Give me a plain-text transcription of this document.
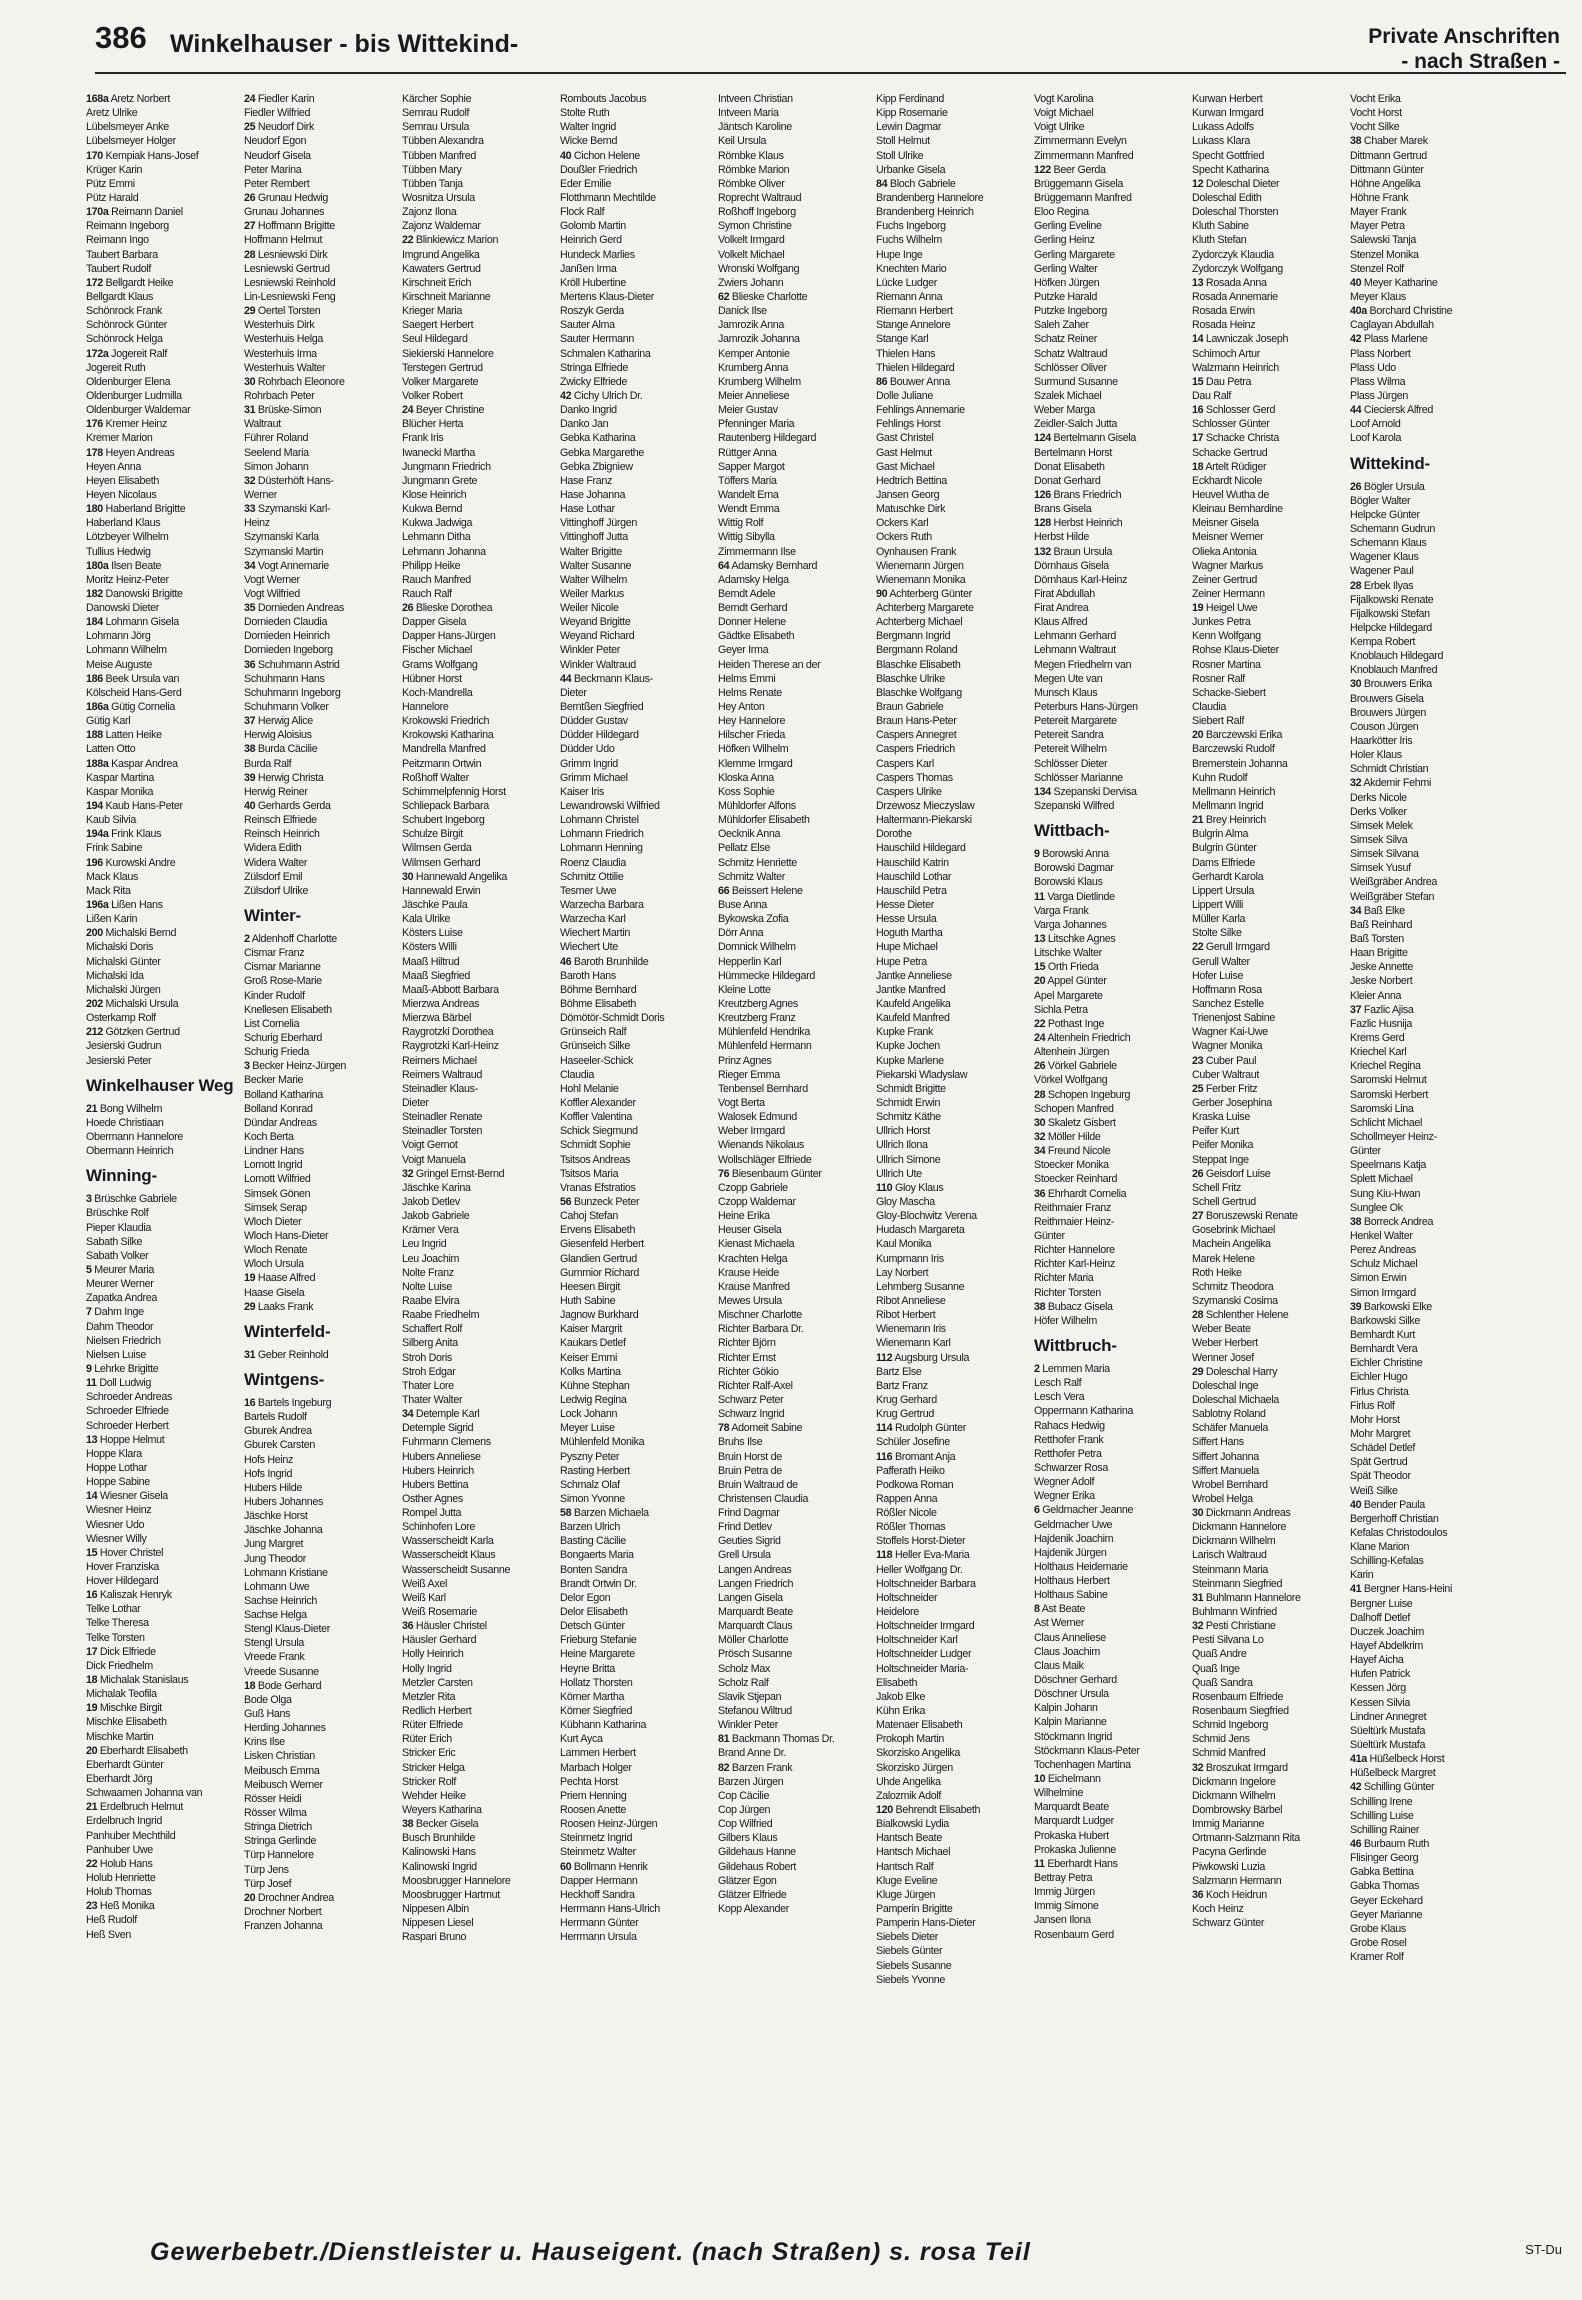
386 Winkelhauser - bis Wittekind-	Private Anschriften
- nach Straßen -
168a Aretz Norbert
Aretz Ulrike
Lübelsmeyer Anke
Lübelsmeyer Holger
170 Kempiak Hans-Josef
Krüger Karin
Pütz Emmi
Pütz Harald
170a Reimann Daniel
Reimann Ingeborg
Reimann Ingo
Taubert Barbara
Taubert Rudolf
172 Bellgardt Heike
Bellgardt Klaus
Schönrock Frank
Schönrock Günter
Schönrock Helga
172a Jogereit Ralf
Jogereit Ruth
Oldenburger Elena
Oldenburger Ludmilla
Oldenburger Waldemar
176 Kremer Heinz
Kremer Marion
178 Heyen Andreas
Heyen Anna
Heyen Elisabeth
Heyen Nicolaus
180 Haberland Brigitte
Haberland Klaus
Lötzbeyer Wilhelm
Tullius Hedwig
180a Ilsen Beate
Moritz Heinz-Peter
182 Danowski Brigitte
Danowski Dieter
184 Lohmann Gisela
Lohmann Jörg
Lohmann Wilhelm
Meise Auguste
186 Beek Ursula van
Kölscheid Hans-Gerd
186a Gütig Cornelia
Gütig Karl
188 Latten Heike
Latten Otto
188a Kaspar Andrea
Kaspar Martina
Kaspar Monika
194 Kaub Hans-Peter
Kaub Silvia
194a Frink Klaus
Frink Sabine
196 Kurowski Andre
Mack Klaus
Mack Rita
196a Lißen Hans
Lißen Karin
200 Michalski Bernd
Michalski Doris
Michalski Günter
Michalski Ida
Michalski Jürgen
202 Michalski Ursula
Osterkamp Rolf
212 Götzken Gertrud
Jesierski Gudrun
Jesierski Peter
Winkelhauser Weg
21 Bong Wilhelm
Hoede Christiaan
Obermann Hannelore
Obermann Heinrich
Winning-
3 Brüschke Gabriele
Brüschke Rolf
Pieper Klaudia
Sabath Silke
Sabath Volker
5 Meurer Maria
Meurer Werner
Zapatka Andrea
7 Dahm Inge
Dahm Theodor
Nielsen Friedrich
Nielsen Luise
9 Lehrke Brigitte
11 Doll Ludwig
Schroeder Andreas
Schroeder Elfriede
Schroeder Herbert
13 Hoppe Helmut
Hoppe Klara
Hoppe Lothar
Hoppe Sabine
14 Wiesner Gisela
Wiesner Heinz
Wiesner Udo
Wiesner Willy
15 Hover Christel
Hover Franziska
Hover Hildegard
16 Kaliszak Henryk
Telke Lothar
Telke Theresa
Telke Torsten
17 Dick Elfriede
Dick Friedhelm
18 Michalak Stanislaus
Michalak Teofila
19 Mischke Birgit
Mischke Elisabeth
Mischke Martin
20 Eberhardt Elisabeth
Eberhardt Günter
Eberhardt Jörg
Schwaamen Johanna van
21 Erdelbruch Helmut
Erdelbruch Ingrid
Panhuber Mechthild
Panhuber Uwe
22 Holub Hans
Holub Henriette
Holub Thomas
23 Heß Monika
Heß Rudolf
Heß Sven
24 Fiedler Karin
Fiedler Wilfried
25 Neudorf Dirk
Neudorf Egon
Neudorf Gisela
Peter Marina
Peter Rembert
26 Grunau Hedwig
Grunau Johannes
27 Hoffmann Brigitte
Hoffmann Helmut
28 Lesniewski Dirk
Lesniewski Gertrud
Lesniewski Reinhold
Lin-Lesniewski Feng
29 Oertel Torsten
Westerhuis Dirk
Westerhuis Helga
Westerhuis Irma
Westerhuis Walter
30 Rohrbach Eleonore
Rohrbach Peter
31 Brüske-Simon
Waltraut
Führer Roland
Seelend Maria
Simon Johann
32 Düsterhöft Hans-
Werner
33 Szymanski Karl-
Heinz
Szymanski Karla
Szymanski Martin
34 Vogt Annemarie
Vogt Werner
Vogt Wilfried
35 Dornieden Andreas
Dornieden Claudia
Dornieden Heinrich
Dornieden Ingeborg
36 Schuhmann Astrid
Schuhmann Hans
Schuhmann Ingeborg
Schuhmann Volker
37 Herwig Alice
Herwig Aloisius
38 Burda Cäcilie
Burda Ralf
39 Herwig Christa
Herwig Reiner
40 Gerhards Gerda
Reinsch Elfriede
Reinsch Heinrich
Widera Edith
Widera Walter
Zülsdorf Emil
Zülsdorf Ulrike
Winter-
2 Aldenhoff Charlotte
Cismar Franz
Cismar Marianne
Groß Rose-Marie
Kinder Rudolf
Knellesen Elisabeth
List Cornelia
Schurig Eberhard
Schurig Frieda
3 Becker Heinz-Jürgen
Becker Marie
Bolland Katharina
Bolland Konrad
Dündar Andreas
Koch Berta
Lindner Hans
Lomott Ingrid
Lomott Wilfried
Simsek Gönen
Simsek Serap
Wloch Dieter
Wloch Hans-Dieter
Wloch Renate
Wloch Ursula
19 Haase Alfred
Haase Gisela
29 Laaks Frank
Winterfeld-
31 Geber Reinhold
Wintgens-
16 Bartels Ingeburg
Bartels Rudolf
Gburek Andrea
Gburek Carsten
Hofs Heinz
Hofs Ingrid
Hubers Hilde
Hubers Johannes
Jäschke Horst
Jäschke Johanna
Jung Margret
Jung Theodor
Lohmann Kristiane
Lohmann Uwe
Sachse Heinrich
Sachse Helga
Stengl Klaus-Dieter
Stengl Ursula
Vreede Frank
Vreede Susanne
18 Bode Gerhard
Bode Olga
Guß Hans
Herding Johannes
Krins Ilse
Lisken Christian
Meibusch Emma
Meibusch Werner
Rösser Heidi
Rösser Wilma
Stringa Dietrich
Stringa Gerlinde
Türp Hannelore
Türp Jens
Türp Josef
20 Drochner Andrea
Drochner Norbert
Franzen Johanna
Kärcher Sophie
Semrau Rudolf
Semrau Ursula
Tübben Alexandra
Tübben Manfred
Tübben Mary
Tübben Tanja
Wosnitza Ursula
Zajonz Ilona
Zajonz Waldemar
22 Blinkiewicz Marion
Imgrund Angelika
Kawaters Gertrud
Kirschneit Erich
Kirschneit Marianne
Krieger Maria
Saegert Herbert
Seul Hildegard
Siekierski Hannelore
Terstegen Gertrud
Volker Margarete
Volker Robert
24 Beyer Christine
Blücher Herta
Frank Iris
Iwanecki Martha
Jungmann Friedrich
Jungmann Grete
Klose Heinrich
Kukwa Bernd
Kukwa Jadwiga
Lehmann Ditha
Lehmann Johanna
Philipp Heike
Rauch Manfred
Rauch Ralf
26 Blieske Dorothea
Dapper Gisela
Dapper Hans-Jürgen
Fischer Michael
Grams Wolfgang
Hübner Horst
Koch-Mandrella
Hannelore
Krokowski Friedrich
Krokowski Katharina
Mandrella Manfred
Peitzmann Ortwin
Roßhoff Walter
Schimmelpfennig Horst
Schliepack Barbara
Schubert Ingeborg
Schulze Birgit
Wilmsen Gerda
Wilmsen Gerhard
30 Hannewald Angelika
Hannewald Erwin
Jäschke Paula
Kala Ulrike
Kösters Luise
Kösters Willi
Maaß Hiltrud
Maaß Siegfried
Maaß-Abbott Barbara
Mierzwa Andreas
Mierzwa Bärbel
Raygrotzki Dorothea
Raygrotzki Karl-Heinz
Reimers Michael
Reimers Waltraud
Steinadler Klaus-
Dieter
Steinadler Renate
Steinadler Torsten
Voigt Gernot
Voigt Manuela
32 Gringel Ernst-Bernd
Jäschke Karina
Jakob Detlev
Jakob Gabriele
Krämer Vera
Leu Ingrid
Leu Joachim
Nolte Franz
Nolte Luise
Raabe Elvira
Raabe Friedhelm
Schaffert Rolf
Silberg Anita
Stroh Doris
Stroh Edgar
Thater Lore
Thater Walter
34 Detemple Karl
Detemple Sigrid
Fuhrmann Clemens
Hubers Anneliese
Hubers Heinrich
Hubers Bettina
Osther Agnes
Rompel Jutta
Schinhofen Lore
Wasserscheidt Karla
Wasserscheidt Klaus
Wasserscheidt Susanne
Weiß Axel
Weiß Karl
Weiß Rosemarie
36 Häusler Christel
Häusler Gerhard
Holly Heinrich
Holly Ingrid
Metzler Carsten
Metzler Rita
Redlich Herbert
Rüter Elfriede
Rüter Erich
Stricker Eric
Stricker Helga
Stricker Rolf
Wehder Heike
Weyers Katharina
38 Becker Gisela
Busch Brunhilde
Kalinowski Hans
Kalinowski Ingrid
Moosbrugger Hannelore
Moosbrugger Hartmut
Nippesen Albin
Nippesen Liesel
Raspari Bruno
Rombouts Jacobus
Stolte Ruth
Walter Ingrid
Wicke Bernd
40 Cichon Helene
Doußler Friedrich
Eder Emilie
Flotthmann Mechtilde
Flock Ralf
Golomb Martin
Heinrich Gerd
Hundeck Marlies
Janßen Irma
Kröll Hubertine
Mertens Klaus-Dieter
Roszyk Gerda
Sauter Alma
Sauter Hermann
Schmalen Katharina
Stringa Elfriede
Zwicky Elfriede
42 Cichy Ulrich Dr.
Danko Ingrid
Danko Jan
Gebka Katharina
Gebka Margarethe
Gebka Zbigniew
Hase Franz
Hase Johanna
Hase Lothar
Vittinghoff Jürgen
Vittinghoff Jutta
Walter Brigitte
Walter Susanne
Walter Wilhelm
Weiler Markus
Weiler Nicole
Weyand Brigitte
Weyand Richard
Winkler Peter
Winkler Waltraud
44 Beckmann Klaus-
Dieter
Berntßen Siegfried
Düdder Gustav
Düdder Hildegard
Düdder Udo
Grimm Ingrid
Grimm Michael
Kaiser Iris
Lewandrowski Wilfried
Lohmann Christel
Lohmann Friedrich
Lohmann Henning
Roenz Claudia
Schmitz Ottilie
Tesmer Uwe
Warzecha Barbara
Warzecha Karl
Wiechert Martin
Wiechert Ute
46 Baroth Brunhilde
Baroth Hans
Böhme Bernhard
Böhme Elisabeth
Dömötör-Schmidt Doris
Grünseich Ralf
Grünseich Silke
Haseeler-Schick
Claudia
Hohl Melanie
Koffler Alexander
Koffler Valentina
Schick Siegmund
Schmidt Sophie
Tsitsos Andreas
Tsitsos Maria
Vranas Efstratios
56 Bunzeck Peter
Cahoj Stefan
Ervens Elisabeth
Giesenfeld Herbert
Glandien Gertrud
Gummior Richard
Heesen Birgit
Huth Sabine
Jagnow Burkhard
Kaiser Margrit
Kaukars Detlef
Keiser Emmi
Kolks Martina
Kühne Stephan
Ledwig Regina
Lock Johann
Meyer Luise
Mühlenfeld Monika
Pyszny Peter
Rasting Herbert
Schmalz Olaf
Simon Yvonne
58 Barzen Michaela
Barzen Ulrich
Basting Cäcilie
Bongaerts Maria
Bonten Sandra
Brandt Ortwin Dr.
Delor Egon
Delor Elisabeth
Detsch Günter
Frieburg Stefanie
Heine Margarete
Heyne Britta
Hollatz Thorsten
Körner Martha
Körner Siegfried
Kübhann Katharina
Kurt Ayca
Lammen Herbert
Marbach Holger
Pechta Horst
Priem Henning
Roosen Anette
Roosen Heinz-Jürgen
Steinmetz Ingrid
Steinmetz Walter
60 Bollmann Henrik
Dapper Hermann
Heckhoff Sandra
Herrmann Hans-Ulrich
Herrmann Günter
Herrmann Ursula
Intveen Christian
Intveen Maria
Jäntsch Karoline
Keil Ursula
Römbke Klaus
Römbke Marion
Römbke Oliver
Roprecht Waltraud
Roßhoff Ingeborg
Symon Christine
Volkelt Irmgard
Volkelt Michael
Wronski Wolfgang
Zwiers Johann
62 Blieske Charlotte
Danick Ilse
Jamrozik Anna
Jamrozik Johanna
Kemper Antonie
Krumberg Anna
Krumberg Wilhelm
Meier Anneliese
Meier Gustav
Pfenninger Maria
Rautenberg Hildegard
Rüttger Anna
Sapper Margot
Töffers Maria
Wandelt Erna
Wendt Emma
Wittig Rolf
Wittig Sibylla
Zimmermann Ilse
64 Adamsky Bernhard
Adamsky Helga
Berndt Adele
Berndt Gerhard
Donner Helene
Gädtke Elisabeth
Geyer Irma
Heiden Therese an der
Helms Emmi
Helms Renate
Hey Anton
Hey Hannelore
Hilscher Frieda
Höfken Wilhelm
Klemme Irmgard
Kloska Anna
Koss Sophie
Mühldorfer Alfons
Mühldorfer Elisabeth
Oecknik Anna
Pellatz Else
Schmitz Henriette
Schmitz Walter
66 Beissert Helene
Buse Anna
Bykowska Zofia
Dörr Anna
Domnick Wilhelm
Hepperlin Karl
Hümmecke Hildegard
Kleine Lotte
Kreutzberg Agnes
Kreutzberg Franz
Mühlenfeld Hendrika
Mühlenfeld Hermann
Prinz Agnes
Rieger Emma
Tenbensel Bernhard
Vogt Berta
Walosek Edmund
Weber Irmgard
Wienands Nikolaus
Wollschläger Elfriede
76 Biesenbaum Günter
Czopp Gabriele
Czopp Waldemar
Heine Erika
Heuser Gisela
Kienast Michaela
Krachten Helga
Krause Heide
Krause Manfred
Mewes Ursula
Mischner Charlotte
Richter Barbara Dr.
Richter Björn
Richter Ernst
Richter Gökio
Richter Ralf-Axel
Schwarz Peter
Schwarz Ingrid
78 Adomeit Sabine
Bruhs Ilse
Bruin Horst de
Bruin Petra de
Bruin Waltraud de
Christensen Claudia
Frind Dagmar
Frind Detlev
Geuties Sigrid
Grell Ursula
Langen Andreas
Langen Friedrich
Langen Gisela
Marquardt Beate
Marquardt Claus
Möller Charlotte
Prösch Susanne
Scholz Max
Scholz Ralf
Slavik Stjepan
Stefanou Wiltrud
Winkler Peter
81 Backmann Thomas Dr.
Brand Anne Dr.
82 Barzen Frank
Barzen Jürgen
Cop Cäcilie
Cop Jürgen
Cop Wilfried
Gilbers Klaus
Gildehaus Hanne
Gildehaus Robert
Glätzer Egon
Glätzer Elfriede
Kopp Alexander
Kipp Ferdinand
Kipp Rosemarie
Lewin Dagmar
Stoll Helmut
Stoll Ulrike
Urbanke Gisela
84 Bloch Gabriele
Brandenberg Hannelore
Brandenberg Heinrich
Fuchs Ingeborg
Fuchs Wilhelm
Hupe Inge
Knechten Mario
Lücke Ludger
Riemann Anna
Riemann Herbert
Stange Annelore
Stange Karl
Thielen Hans
Thielen Hildegard
86 Bouwer Anna
Dolle Juliane
Fehlings Annemarie
Fehlings Horst
Gast Christel
Gast Helmut
Gast Michael
Hedtrich Bettina
Jansen Georg
Matuschke Dirk
Ockers Karl
Ockers Ruth
Oynhausen Frank
Wienemann Jürgen
Wienemann Monika
90 Achterberg Günter
Achterberg Margarete
Achterberg Michael
Bergmann Ingrid
Bergmann Roland
Blaschke Elisabeth
Blaschke Ulrike
Blaschke Wolfgang
Braun Gabriele
Braun Hans-Peter
Caspers Annegret
Caspers Friedrich
Caspers Karl
Caspers Thomas
Caspers Ulrike
Drzewosz Mieczyslaw
Haltermann-Piekarski
Dorothe
Hauschild Hildegard
Hauschild Katrin
Hauschild Lothar
Hauschild Petra
Hesse Dieter
Hesse Ursula
Hoguth Martha
Hupe Michael
Hupe Petra
Jantke Anneliese
Jantke Manfred
Kaufeld Angelika
Kaufeld Manfred
Kupke Frank
Kupke Jochen
Kupke Marlene
Piekarski Wladyslaw
Schmidt Brigitte
Schmidt Erwin
Schmitz Käthe
Ullrich Horst
Ullrich Ilona
Ullrich Simone
Ullrich Ute
110 Gloy Klaus
Gloy Mascha
Gloy-Blochwitz Verena
Hudasch Margareta
Kaul Monika
Kumpmann Iris
Lay Norbert
Lehmberg Susanne
Ribot Anneliese
Ribot Herbert
Wienemann Iris
Wienemann Karl
112 Augsburg Ursula
Bartz Else
Bartz Franz
Krug Gerhard
Krug Gertrud
114 Rudolph Günter
Schüler Josefine
116 Bromant Anja
Pafferath Heiko
Podkowa Roman
Rappen Anna
Rößler Nicole
Rößler Thomas
Stoffels Horst-Dieter
118 Heller Eva-Maria
Heller Wolfgang Dr.
Holtschneider Barbara
Holtschneider
Heidelore
Holtschneider Irmgard
Holtschneider Karl
Holtschneider Ludger
Holtschneider Maria-
Elisabeth
Jakob Elke
Kühn Erika
Matenaer Elisabeth
Prokoph Martin
Skorzisko Angelika
Skorzisko Jürgen
Uhde Angelika
Zalozmik Adolf
120 Behrendt Elisabeth
Bialkowski Lydia
Hantsch Beate
Hantsch Michael
Hantsch Ralf
Kluge Eveline
Kluge Jürgen
Pamperin Brigitte
Pamperin Hans-Dieter
Siebels Dieter
Siebels Günter
Siebels Susanne
Siebels Yvonne
Vogt Karolina
Voigt Michael
Voigt Ulrike
Zimmermann Evelyn
Zimmermann Manfred
122 Beer Gerda
Brüggemann Gisela
Brüggemann Manfred
Eloo Regina
Gerling Eveline
Gerling Heinz
Gerling Margarete
Gerling Walter
Höfken Jürgen
Putzke Harald
Putzke Ingeborg
Saleh Zaher
Schatz Reiner
Schatz Waltraud
Schlösser Oliver
Surmund Susanne
Szalek Michael
Weber Marga
Zeidler-Salch Jutta
124 Bertelmann Gisela
Bertelmann Horst
Donat Elisabeth
Donat Gerhard
126 Brans Friedrich
Brans Gisela
128 Herbst Heinrich
Herbst Hilde
132 Braun Ursula
Dörnhaus Gisela
Dörnhaus Karl-Heinz
Firat Abdullah
Firat Andrea
Klaus Alfred
Lehmann Gerhard
Lehmann Waltraut
Megen Friedhelm van
Megen Ute van
Munsch Klaus
Peterburs Hans-Jürgen
Petereit Margarete
Petereit Sandra
Petereit Wilhelm
Schlösser Dieter
Schlösser Marianne
134 Szepanski Dervisa
Szepanski Wilfred
Wittbach-
9 Borowski Anna
Borowski Dagmar
Borowski Klaus
11 Varga Dietlinde
Varga Frank
Varga Johannes
13 Litschke Agnes
Litschke Walter
15 Orth Frieda
20 Appel Günter
Apel Margarete
Sichla Petra
22 Pothast Inge
24 Altenhein Friedrich
Altenhein Jürgen
26 Vörkel Gabriele
Vörkel Wolfgang
28 Schopen Ingeburg
Schopen Manfred
30 Skaletz Gisbert
32 Möller Hilde
34 Freund Nicole
Stoecker Monika
Stoecker Reinhard
36 Ehrhardt Cornelia
Reithmaier Franz
Reithmaier Heinz-
Günter
Richter Hannelore
Richter Karl-Heinz
Richter Maria
Richter Torsten
38 Bubacz Gisela
Höfer Wilhelm
Wittbruch-
2 Lemmen Maria
Lesch Ralf
Lesch Vera
Oppermann Katharina
Rahacs Hedwig
Retthofer Frank
Retthofer Petra
Schwarzer Rosa
Wegner Adolf
Wegner Erika
6 Geldmacher Jeanne
Geldmacher Uwe
Hajdenik Joachim
Hajdenik Jürgen
Holthaus Heidemarie
Holthaus Herbert
Holthaus Sabine
8 Ast Beate
Ast Werner
Claus Anneliese
Claus Joachim
Claus Maik
Döschner Gerhard
Döschner Ursula
Kalpin Johann
Kalpin Marianne
Stöckmann Ingrid
Stöckmann Klaus-Peter
Tochenhagen Martina
10 Eichelmann
Wilhelmine
Marquardt Beate
Marquardt Ludger
Prokaska Hubert
Prokaska Julienne
11 Eberhardt Hans
Bettray Petra
Immig Jürgen
Immig Simone
Jansen Ilona
Rosenbaum Gerd
Kurwan Herbert
Kurwan Irmgard
Lukass Adolfs
Lukass Klara
Specht Gottfried
Specht Katharina
12 Doleschal Dieter
Doleschal Edith
Doleschal Thorsten
Kluth Sabine
Kluth Stefan
Zydorczyk Klaudia
Zydorczyk Wolfgang
13 Rosada Anna
Rosada Annemarie
Rosada Erwin
Rosada Heinz
14 Lawniczak Joseph
Schimoch Artur
Walzmann Heinrich
15 Dau Petra
Dau Ralf
16 Schlosser Gerd
Schlosser Günter
17 Schacke Christa
Schacke Gertrud
18 Artelt Rüdiger
Eckhardt Nicole
Heuvel Wutha de
Kleinau Bernhardine
Meisner Gisela
Meisner Werner
Olieka Antonia
Wagner Markus
Zeiner Gertrud
Zeiner Hermann
19 Heigel Uwe
Junkes Petra
Kenn Wolfgang
Rohse Klaus-Dieter
Rosner Martina
Rosner Ralf
Schacke-Siebert
Claudia
Siebert Ralf
20 Barczewski Erika
Barczewski Rudolf
Bremerstein Johanna
Kuhn Rudolf
Mellmann Heinrich
Mellmann Ingrid
21 Brey Heinrich
Bulgrin Alma
Bulgrin Günter
Dams Elfriede
Gerhardt Karola
Lippert Ursula
Lippert Willi
Müller Karla
Stolte Silke
22 Gerull Irmgard
Gerull Walter
Hofer Luise
Hoffmann Rosa
Sanchez Estelle
Trienenjost Sabine
Wagner Kai-Uwe
Wagner Monika
23 Cuber Paul
Cuber Waltraut
25 Ferber Fritz
Gerber Josephina
Kraska Luise
Peifer Kurt
Peifer Monika
Steppat Inge
26 Geisdorf Luise
Schell Fritz
Schell Gertrud
27 Boruszewski Renate
Gosebrink Michael
Machein Angelika
Marek Helene
Roth Heike
Schmitz Theodora
Szymanski Cosima
28 Schlenther Helene
Weber Beate
Weber Herbert
Wenner Josef
29 Doleschal Harry
Doleschal Inge
Doleschal Michaela
Sablotny Roland
Schäfer Manuela
Siffert Hans
Siffert Johanna
Siffert Manuela
Wrobel Bernhard
Wrobel Helga
30 Dickmann Andreas
Dickmann Hannelore
Dickmann Wilhelm
Larisch Waltraud
Steinmann Maria
Steinmann Siegfried
31 Buhlmann Hannelore
Buhlmann Winfried
32 Pesti Christiane
Pesti Silvana Lo
Quaß Andre
Quaß Inge
Quaß Sandra
Rosenbaum Elfriede
Rosenbaum Siegfried
Schmid Ingeborg
Schmid Jens
Schmid Manfred
32 Broszukat Irmgard
Dickmann Ingelore
Dickmann Wilhelm
Dombrowsky Bärbel
Immig Marianne
Ortmann-Salzmann Rita
Pacyna Gerlinde
Piwkowski Luzia
Salzmann Hermann
36 Koch Heidrun
Koch Heinz
Schwarz Günter
Vocht Erika
Vocht Horst
Vocht Silke
38 Chaber Marek
Dittmann Gertrud
Dittmann Günter
Höhne Angelika
Höhne Frank
Mayer Frank
Mayer Petra
Salewski Tanja
Stenzel Monika
Stenzel Rolf
40 Meyer Katharine
Meyer Klaus
40a Borchard Christine
Caglayan Abdullah
42 Plass Marlene
Plass Norbert
Plass Udo
Plass Wilma
Plass Jürgen
44 Cieciersk Alfred
Loof Arnold
Loof Karola
Wittekind-
26 Bögler Ursula
Bögler Walter
Helpcke Günter
Schemann Gudrun
Schemann Klaus
Wagener Klaus
Wagener Paul
28 Erbek Ilyas
Fijalkowski Renate
Fijalkowski Stefan
Helpcke Hildegard
Kempa Robert
Knoblauch Hildegard
Knoblauch Manfred
30 Brouwers Erika
Brouwers Gisela
Brouwers Jürgen
Couson Jürgen
Haarkötter Iris
Holer Klaus
Schmidt Christian
32 Akdemir Fehmi
Derks Nicole
Derks Volker
Simsek Melek
Simsek Silva
Simsek Silvana
Simsek Yusuf
Weißgräber Andrea
Weißgräber Stefan
34 Baß Elke
Baß Reinhard
Baß Torsten
Haan Brigitte
Jeske Annette
Jeske Norbert
Kleier Anna
37 Fazlic Ajisa
Fazlic Husnija
Krems Gerd
Kriechel Karl
Kriechel Regina
Saromski Helmut
Saromski Herbert
Saromski Lina
Schlicht Michael
Schollmeyer Heinz-
Günter
Speelmans Katja
Splett Michael
Sung Kiu-Hwan
Sunglee Ok
38 Borreck Andrea
Henkel Walter
Perez Andreas
Schulz Michael
Simon Erwin
Simon Irmgard
39 Barkowski Elke
Barkowski Silke
Bernhardt Kurt
Bernhardt Vera
Eichler Christine
Eichler Hugo
Firlus Christa
Firlus Rolf
Mohr Horst
Mohr Margret
Schädel Detlef
Spät Gertrud
Spät Theodor
Weiß Silke
40 Bender Paula
Bergerhoff Christian
Kefalas Christodoulos
Klane Marion
Schilling-Kefalas
Karin
41 Bergner Hans-Heini
Bergner Luise
Dalhoff Detlef
Duczek Joachim
Hayef Abdelkrim
Hayef Aicha
Hufen Patrick
Kessen Jörg
Kessen Silvia
Lindner Annegret
Süeltürk Mustafa
Süeltürk Mustafa
41a Hüßelbeck Horst
Hüßelbeck Margret
42 Schilling Günter
Schilling Irene
Schilling Luise
Schilling Rainer
46 Burbaum Ruth
Flisinger Georg
Gabka Bettina
Gabka Thomas
Geyer Eckehard
Geyer Marianne
Grobe Klaus
Grobe Rosel
Kramer Rolf
Gewerbebetr./Dienstleister u. Hauseigent. (nach Straßen) s. rosa Teil	ST-Du
